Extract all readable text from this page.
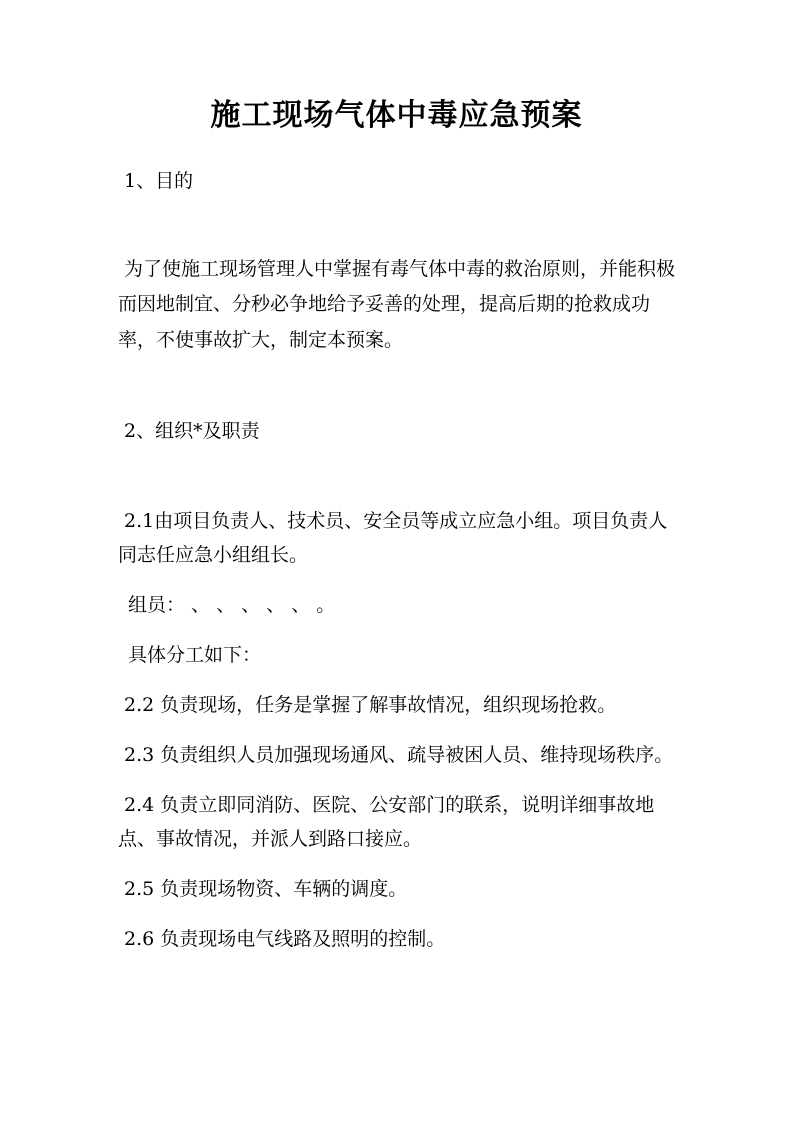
施工现场气体中毒应急预案
1、目的
为了使施工现场管理人中掌握有毒气体中毒的救治原则，并能积极
而因地制宜、分秒必争地给予妥善的处理，提高后期的抢救成功
率，不使事故扩大，制定本预案。
2、组织*及职责
2.1由项目负责人、技术员、安全员等成立应急小组。项目负责人
同志任应急小组组长。
组员： 、 、 、 、 、 。
具体分工如下：
2.2 负责现场，任务是掌握了解事故情况，组织现场抢救。
2.3 负责组织人员加强现场通风、疏导被困人员、维持现场秩序。
2.4 负责立即同消防、医院、公安部门的联系，说明详细事故地
点、事故情况，并派人到路口接应。
2.5 负责现场物资、车辆的调度。
2.6 负责现场电气线路及照明的控制。
